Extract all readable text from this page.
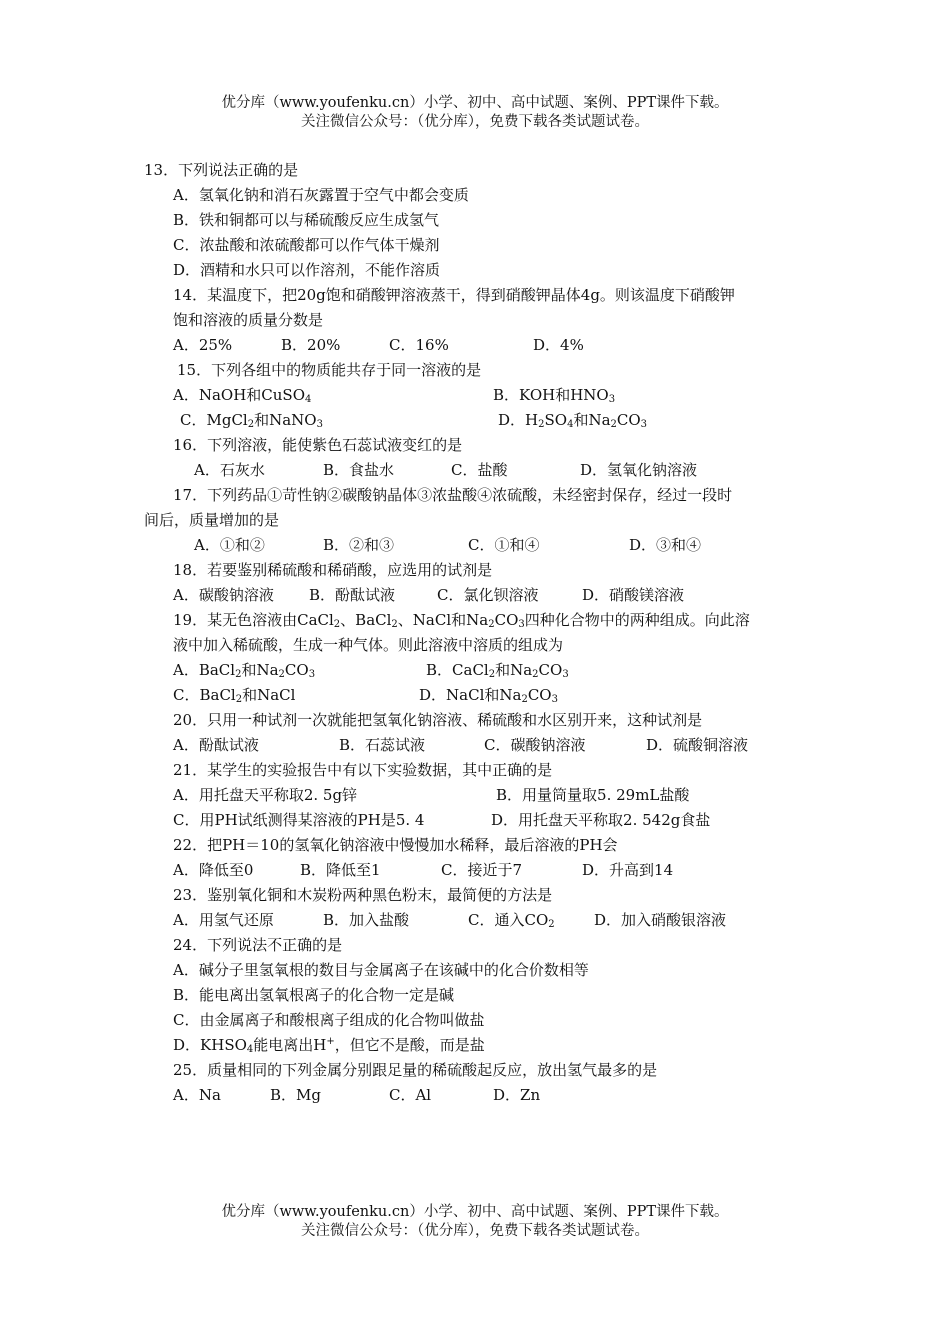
优分库（www.youfenku.cn）小学、初中、高中试题、案例、PPT课件下载。
关注微信公众号：（优分库），免费下载各类试题试卷。
13．下列说法正确的是
A．氢氧化钠和消石灰露置于空气中都会变质
B．铁和铜都可以与稀硫酸反应生成氢气
C．浓盐酸和浓硫酸都可以作气体干燥剂
D．酒精和水只可以作溶剂，不能作溶质
14．某温度下，把20g饱和硝酸钾溶液蒸干，得到硝酸钾晶体4g。则该温度下硝酸钾
饱和溶液的质量分数是
A．25%	B．20%	C．16%	D．4%
15．下列各组中的物质能共存于同一溶液的是
A．NaOH和CuSO$_4$	B．KOH和$HNO_3$
C．MgCl$_2$和NaNO$_3$	D．$H_2SO_4$和$Na_2CO_3$
16．下列溶液，能使紫色石蕊试液变红的是
A．石灰水	B．食盐水	C．盐酸	D．氢氧化钠溶液
17．下列药品①苛性钠②碳酸钠晶体③浓盐酸④浓硫酸，未经密封保存，经过一段时
间后，质量增加的是
A．①和②	B．②和③	C．①和④	D．③和④
18．若要鉴别稀硫酸和稀硝酸，应选用的试剂是
A．碳酸钠溶液	B．酚酞试液	C．氯化钡溶液	D．硝酸镁溶液
19．某无色溶液由CaCl$_2$、BaCl$_2$、NaCl和$Na_2CO_3$四种化合物中的两种组成。向此溶
液中加入稀硫酸，生成一种气体。则此溶液中溶质的组成为
A．BaCl$_2$和$Na_2CO_3$	B．CaCl$_2$和$Na_2CO_3$
C．BaCl$_2$和NaCl	D．NaCl和$Na_2CO_3$
20．只用一种试剂一次就能把氢氧化钠溶液、稀硫酸和水区别开来，这种试剂是
A．酚酞试液	B．石蕊试液	C．碳酸钠溶液	D．硫酸铜溶液
21．某学生的实验报告中有以下实验数据，其中正确的是
A．用托盘天平称取2. 5g锌	B．用量筒量取5. 29mL盐酸
C．用PH试纸测得某溶液的PH是5. 4	D．用托盘天平称取2. 542g食盐
22．把PH＝10的氢氧化钠溶液中慢慢加水稀释，最后溶液的PH会
A．降低至0	B．降低至1	C．接近于7	D．升高到14
23．鉴别氧化铜和木炭粉两种黑色粉末，最简便的方法是
A．用氢气还原	B．加入盐酸	C．通入$CO_2$	D．加入硝酸银溶液
24．下列说法不正确的是
A．碱分子里氢氧根的数目与金属离子在该碱中的化合价数相等
B．能电离出氢氧根离子的化合物一定是碱
C．由金属离子和酸根离子组成的化合物叫做盐
D．$KHSO_4$能电离出H+，但它不是酸，而是盐
25．质量相同的下列金属分别跟足量的稀硫酸起反应，放出氢气最多的是
A．Na	B．Mg	C．Al	D．Zn
优分库（www.youfenku.cn）小学、初中、高中试题、案例、PPT课件下载。
关注微信公众号：（优分库），免费下载各类试题试卷。
